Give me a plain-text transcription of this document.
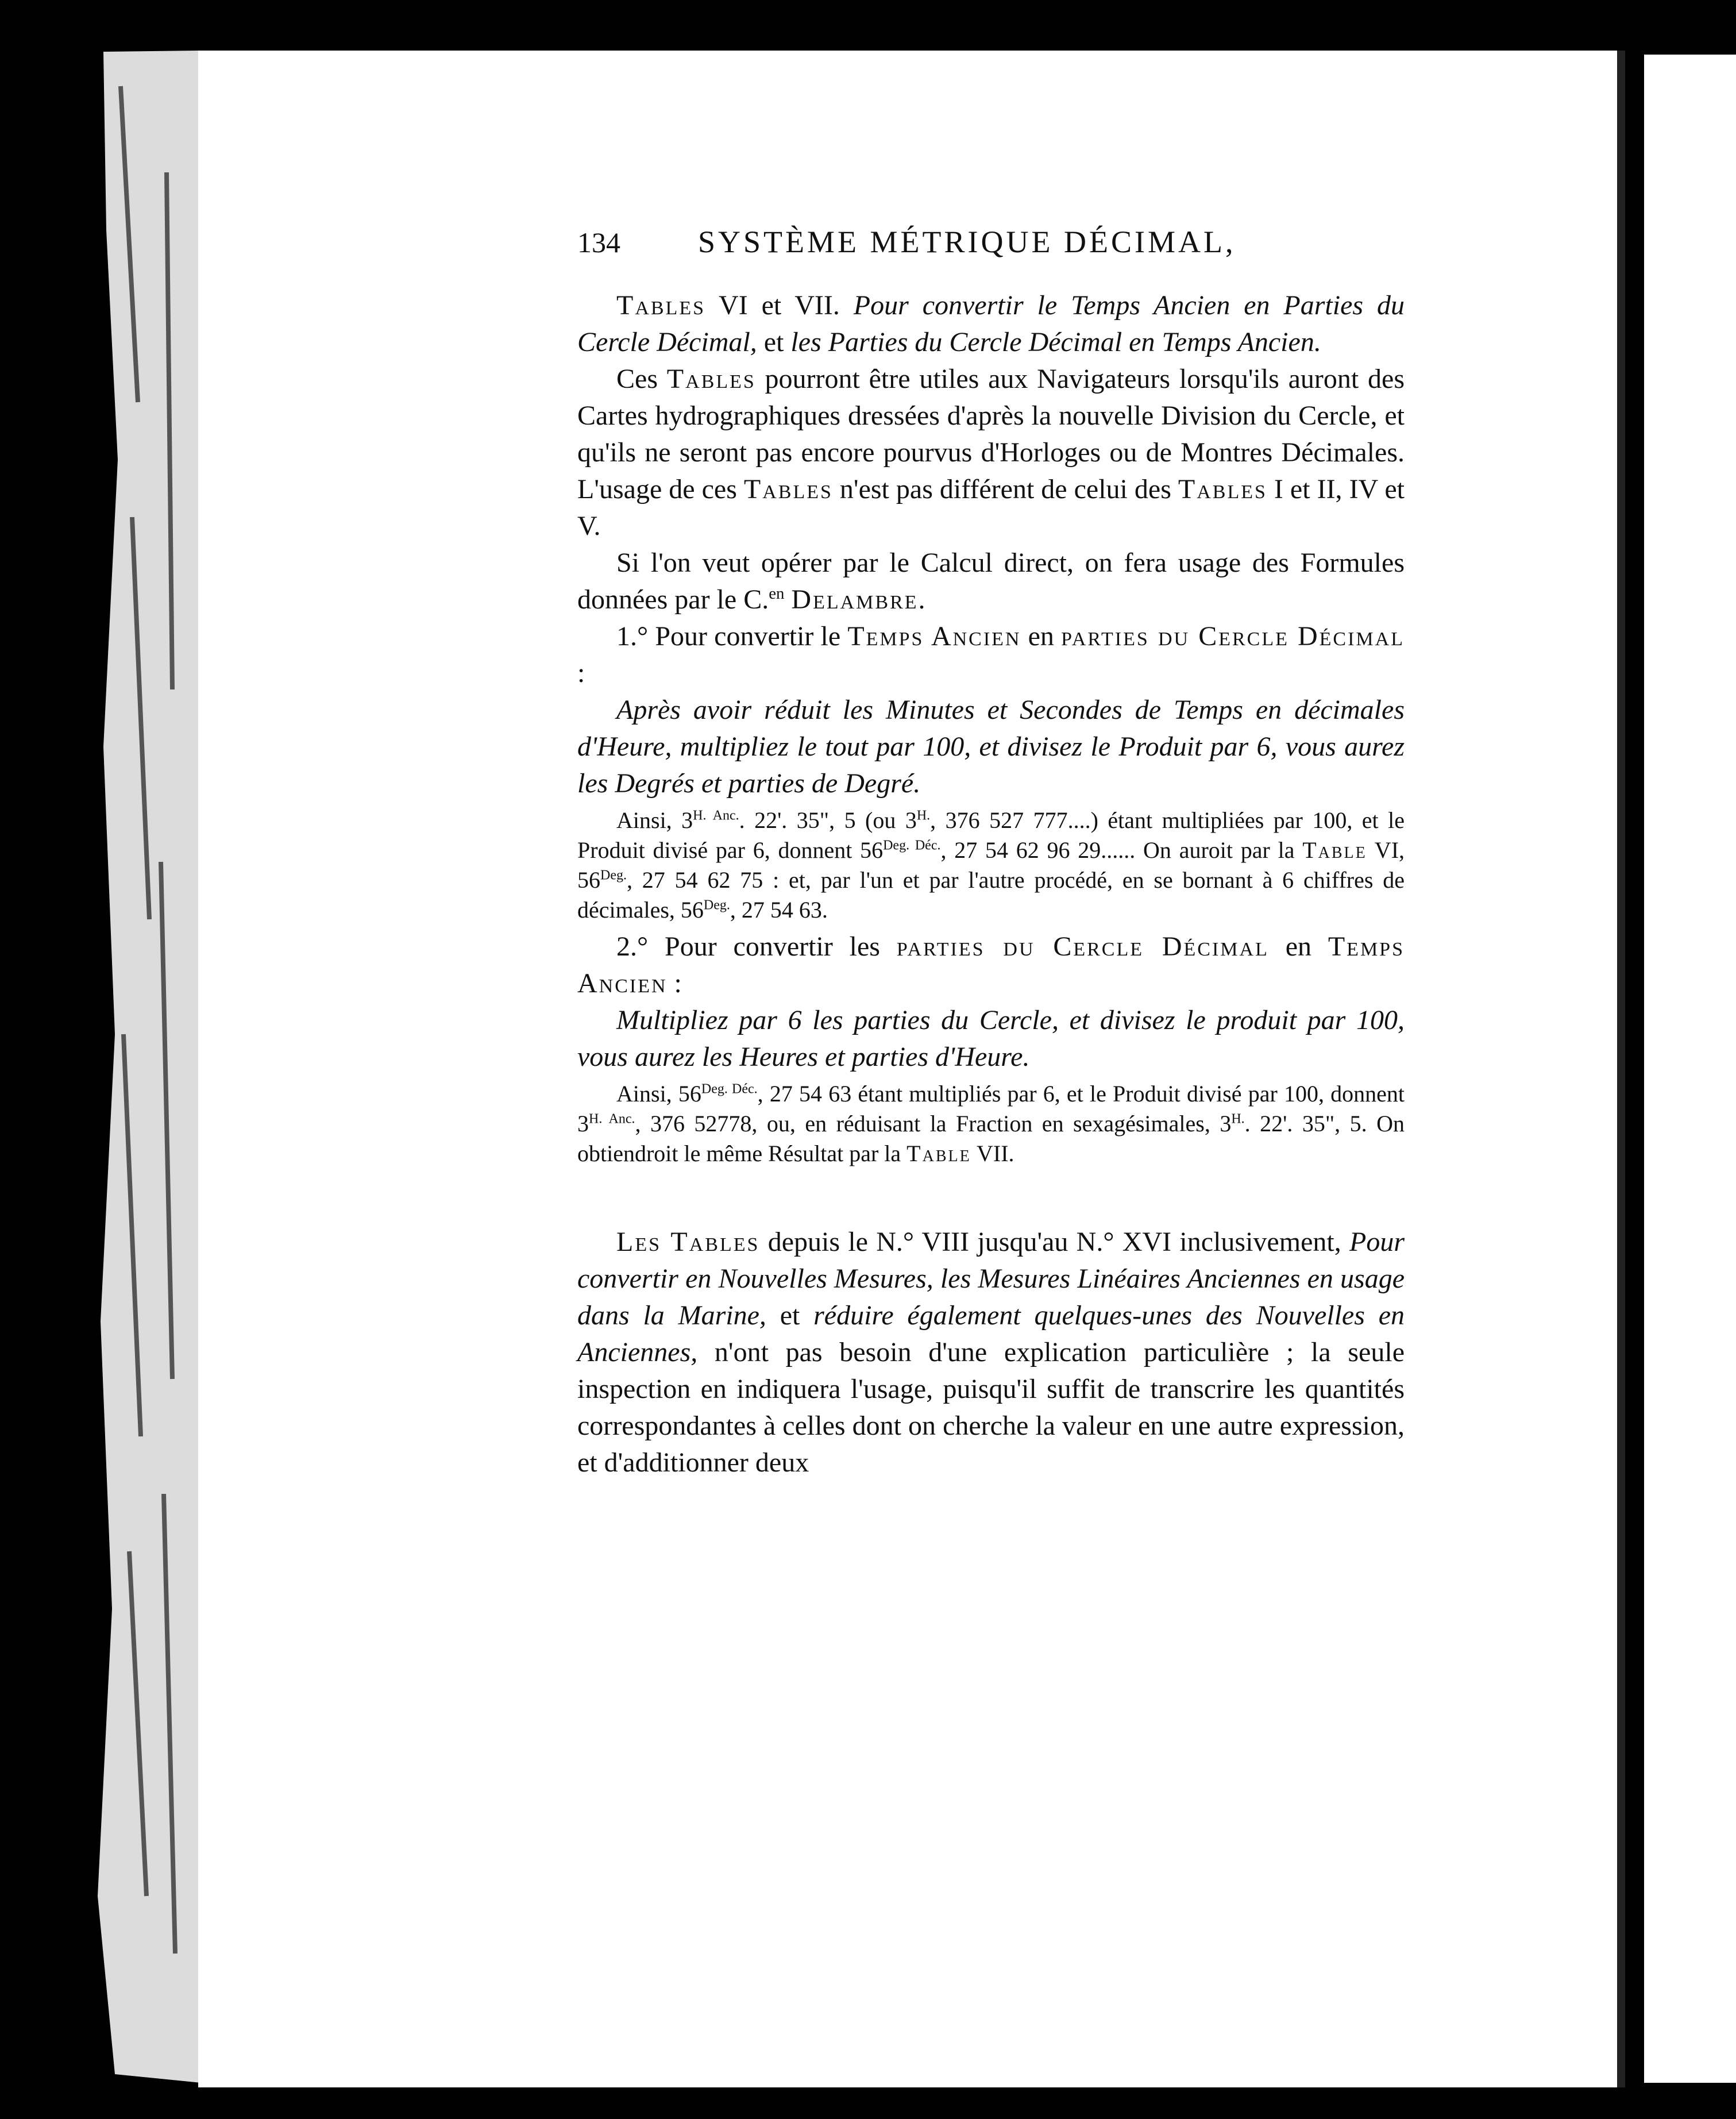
134	SYSTÈME MÉTRIQUE DÉCIMAL,

Tables VI et VII. Pour convertir le Temps Ancien en Parties du Cercle Décimal, et les Parties du Cercle Décimal en Temps Ancien.

Ces Tables pourront être utiles aux Navigateurs lorsqu'ils auront des Cartes hydrographiques dressées d'après la nouvelle Division du Cercle, et qu'ils ne seront pas encore pourvus d'Horloges ou de Montres Décimales. L'usage de ces Tables n'est pas différent de celui des Tables I et II, IV et V.

Si l'on veut opérer par le Calcul direct, on fera usage des Formules données par le C.$^{en}$ Delambre.

1.° Pour convertir le Temps Ancien en parties du Cercle Décimal :

Après avoir réduit les Minutes et Secondes de Temps en décimales d'Heure, multipliez le tout par 100, et divisez le Produit par 6, vous aurez les Degrés et parties de Degré.

Ainsi, $3^{H. Anc.}$. 22'. 35", 5 (ou $3^{H.}$, 376 527 777....) étant multipliées par 100, et le Produit divisé par 6, donnent $56^{Deg. Déc.}$, 27 54 62 96 29...... On auroit par la Table VI, $56^{Deg.}$, 27 54 62 75 : et, par l'un et par l'autre procédé, en se bornant à 6 chiffres de décimales, $56^{Deg.}$, 27 54 63.

2.° Pour convertir les parties du Cercle Décimal en Temps Ancien :

Multipliez par 6 les parties du Cercle, et divisez le produit par 100, vous aurez les Heures et parties d'Heure.

Ainsi, $56^{Deg. Déc.}$, 27 54 63 étant multipliés par 6, et le Produit divisé par 100, donnent $3^{H. Anc.}$, 376 52778, ou, en réduisant la Fraction en sexagésimales, $3^{H.}$. 22'. 35", 5. On obtiendroit le même Résultat par la Table VII.

Les Tables depuis le N.° VIII jusqu'au N.° XVI inclusivement, Pour convertir en Nouvelles Mesures, les Mesures Linéaires Anciennes en usage dans la Marine, et réduire également quelques-unes des Nouvelles en Anciennes, n'ont pas besoin d'une explication particulière ; la seule inspection en indiquera l'usage, puisqu'il suffit de transcrire les quantités correspondantes à celles dont on cherche la valeur en une autre expression, et d'additionner deux
